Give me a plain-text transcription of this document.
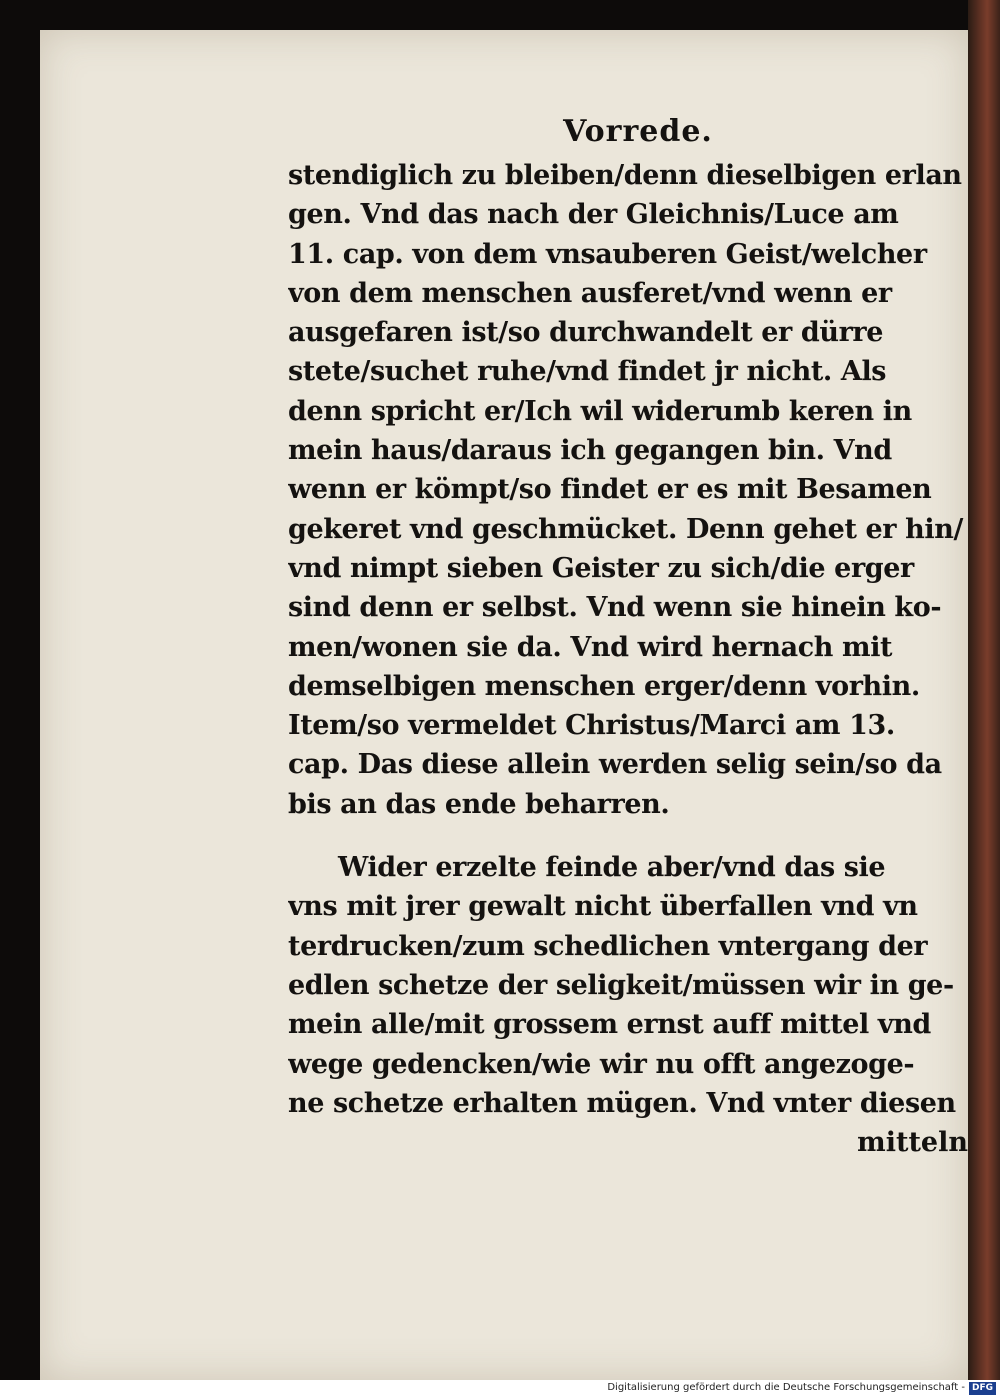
Vorrede.
stendiglich zu bleiben/denn dieselbigen erlan
gen. Vnd das nach der Gleichnis/Luce am
11. cap. von dem vnsauberen Geist/welcher
von dem menschen ausferet/vnd wenn er
ausgefaren ist/so durchwandelt er dürre
stete/suchet ruhe/vnd findet jr nicht. Als
denn spricht er/Ich wil widerumb keren in
mein haus/daraus ich gegangen bin. Vnd
wenn er kömpt/so findet er es mit Besamen
gekeret vnd geschmücket. Denn gehet er hin/
vnd nimpt sieben Geister zu sich/die erger
sind denn er selbst. Vnd wenn sie hinein ko-
men/wonen sie da. Vnd wird hernach mit
demselbigen menschen erger/denn vorhin.
Item/so vermeldet Christus/Marci am 13.
cap. Das diese allein werden selig sein/so da
bis an das ende beharren.
Wider erzelte feinde aber/vnd das sie
vns mit jrer gewalt nicht überfallen vnd vn
terdrucken/zum schedlichen vntergang der
edlen schetze der seligkeit/müssen wir in ge-
mein alle/mit grossem ernst auff mittel vnd
wege gedencken/wie wir nu offt angezoge-
ne schetze erhalten mügen. Vnd vnter diesen
mitteln
Digitalisierung gefördert durch die Deutsche Forschungsgemeinschaft - DFG
